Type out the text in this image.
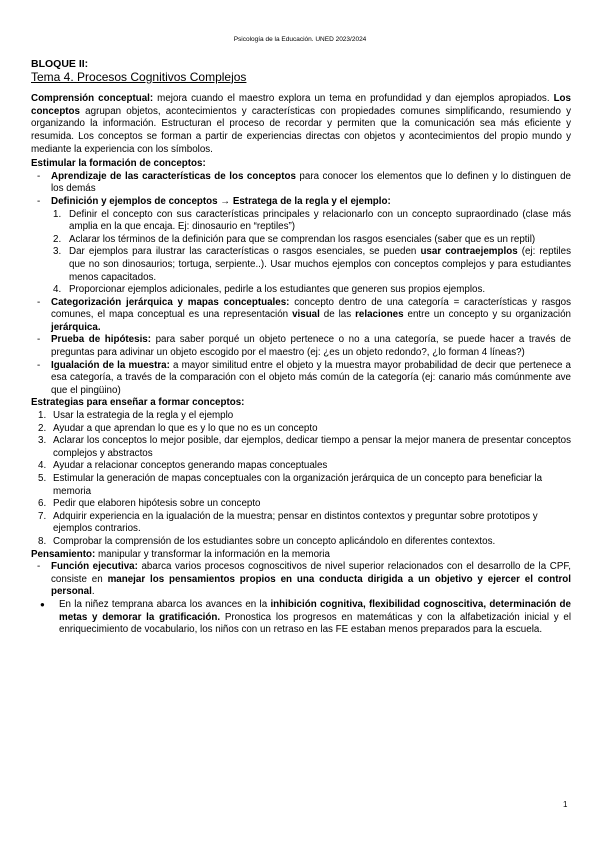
Psicología de la Educación. UNED 2023/2024
BLOQUE II:
Tema 4. Procesos Cognitivos Complejos

Comprensión conceptual: mejora cuando el maestro explora un tema en profundidad y dan ejemplos apropiados. Los conceptos agrupan objetos, acontecimientos y características con propiedades comunes simplificando, resumiendo y organizando la información. Estructuran el proceso de recordar y permiten que la comunicación sea más eficiente y resumida. Los conceptos se forman a partir de experiencias directas con objetos y acontecimientos del propio mundo y mediante la experiencia con los símbolos.

Estimular la formación de conceptos:
- Aprendizaje de las características de los conceptos para conocer los elementos que lo definen y lo distinguen de los demás
- Definición y ejemplos de conceptos → Estratega de la regla y el ejemplo:
1. Definir el concepto con sus características principales y relacionarlo con un concepto supraordinado (clase más amplia en la que encaja. Ej: dinosaurio en “reptiles”)
2. Aclarar los términos de la definición para que se comprendan los rasgos esenciales (saber que es un reptil)
3. Dar ejemplos para ilustrar las características o rasgos esenciales, se pueden usar contraejemplos (ej: reptiles que no son dinosaurios; tortuga, serpiente..). Usar muchos ejemplos con conceptos complejos y para estudiantes menos capacitados.
4. Proporcionar ejemplos adicionales, pedirle a los estudiantes que generen sus propios ejemplos.
- Categorización jerárquica y mapas conceptuales: concepto dentro de una categoría = características y rasgos comunes, el mapa conceptual es una representación visual de las relaciones entre un concepto y su organización jerárquica.
- Prueba de hipótesis: para saber porqué un objeto pertenece o no a una categoría, se puede hacer a través de preguntas para adivinar un objeto escogido por el maestro (ej: ¿es un objeto redondo?, ¿lo forman 4 líneas?)
- Igualación de la muestra: a mayor similitud entre el objeto y la muestra mayor probabilidad de decir que pertenece a esa categoría, a través de la comparación con el objeto más común de la categoría (ej: canario más comúnmente ave que el pingüino)
Estrategias para enseñar a formar conceptos:
1. Usar la estrategia de la regla y el ejemplo
2. Ayudar a que aprendan lo que es y lo que no es un concepto
3. Aclarar los conceptos lo mejor posible, dar ejemplos, dedicar tiempo a pensar la mejor manera de presentar conceptos complejos y abstractos
4. Ayudar a relacionar conceptos generando mapas conceptuales
5. Estimular la generación de mapas conceptuales con la organización jerárquica de un concepto para beneficiar la memoria
6. Pedir que elaboren hipótesis sobre un concepto
7. Adquirir experiencia en la igualación de la muestra; pensar en distintos contextos y preguntar sobre prototipos y ejemplos contrarios.
8. Comprobar la comprensión de los estudiantes sobre un concepto aplicándolo en diferentes contextos.
Pensamiento: manipular y transformar la información en la memoria
- Función ejecutiva: abarca varios procesos cognoscitivos de nivel superior relacionados con el desarrollo de la CPF, consiste en manejar los pensamientos propios en una conducta dirigida a un objetivo y ejercer el control personal.
● En la niñez temprana abarca los avances en la inhibición cognitiva, flexibilidad cognoscitiva, determinación de metas y demorar la gratificación. Pronostica los progresos en matemáticas y con la alfabetización inicial y el enriquecimiento de vocabulario, los niños con un retraso en las FE estaban menos preparados para la escuela.
1
